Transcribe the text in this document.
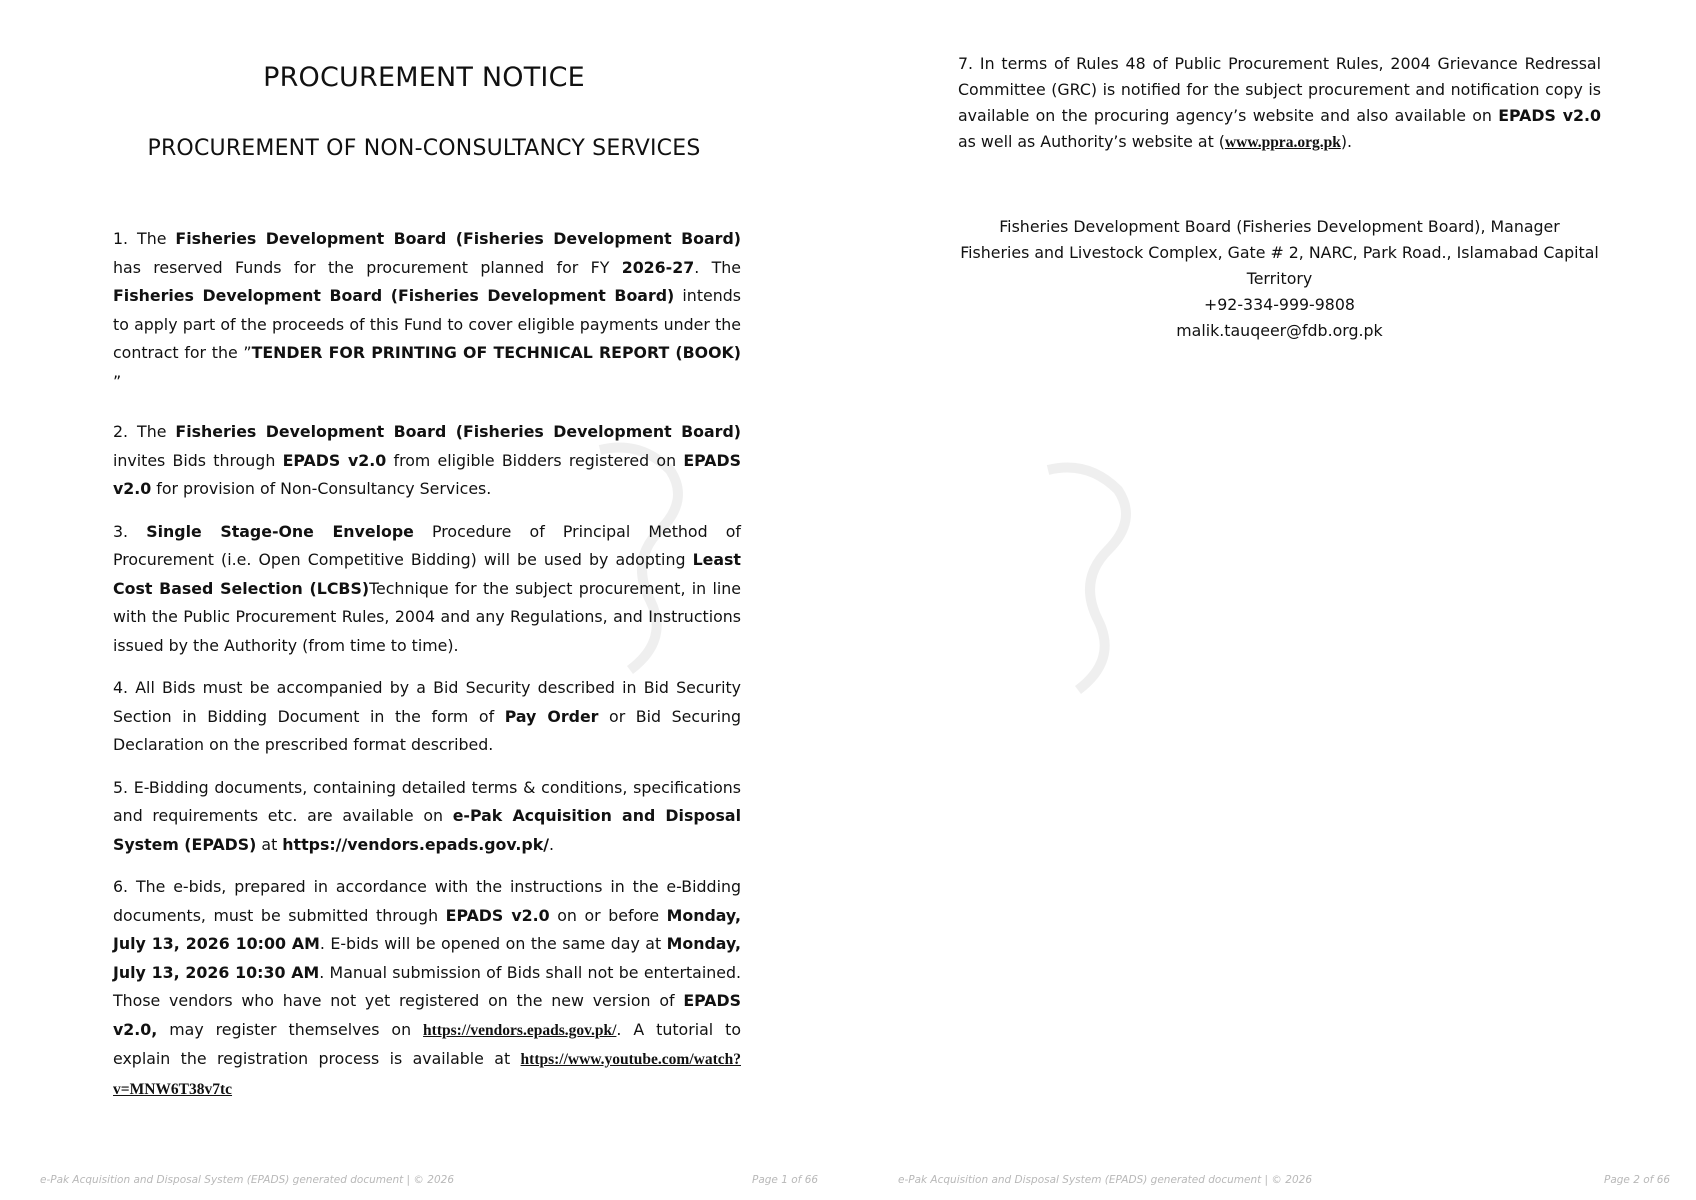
PROCUREMENT NOTICE
PROCUREMENT OF NON-CONSULTANCY SERVICES

1. The Fisheries Development Board (Fisheries Development Board) has reserved Funds for the procurement planned for FY 2026-27. The Fisheries Development Board (Fisheries Development Board) intends to apply part of the proceeds of this Fund to cover eligible payments under the contract for the ”TENDER FOR PRINTING OF TECHNICAL REPORT (BOOK) ”

2. The Fisheries Development Board (Fisheries Development Board) invites Bids through EPADS v2.0 from eligible Bidders registered on EPADS v2.0 for provision of Non-Consultancy Services.

3. Single Stage-One Envelope Procedure of Principal Method of Procurement (i.e. Open Competitive Bidding) will be used by adopting Least Cost Based Selection (LCBS)Technique for the subject procurement, in line with the Public Procurement Rules, 2004 and any Regulations, and Instructions issued by the Authority (from time to time).

4. All Bids must be accompanied by a Bid Security described in Bid Security Section in Bidding Document in the form of Pay Order or Bid Securing Declaration on the prescribed format described.

5. E-Bidding documents, containing detailed terms & conditions, specifications and requirements etc. are available on e-Pak Acquisition and Disposal System (EPADS) at https://vendors.epads.gov.pk/.

6. The e-bids, prepared in accordance with the instructions in the e-Bidding documents, must be submitted through EPADS v2.0 on or before Monday, July 13, 2026 10:00 AM. E-bids will be opened on the same day at Monday, July 13, 2026 10:30 AM. Manual submission of Bids shall not be entertained. Those vendors who have not yet registered on the new version of EPADS v2.0, may register themselves on https://vendors.epads.gov.pk/. A tutorial to explain the registration process is available at https://www.youtube.com/watch?v=MNW6T38v7tc

e-Pak Acquisition and Disposal System (EPADS) generated document | © 2026	Page 1 of 66
7. In terms of Rules 48 of Public Procurement Rules, 2004 Grievance Redressal Committee (GRC) is notified for the subject procurement and notification copy is available on the procuring agency’s website and also available on EPADS v2.0 as well as Authority’s website at (www.ppra.org.pk).
Fisheries Development Board (Fisheries Development Board), Manager
Fisheries and Livestock Complex, Gate # 2, NARC, Park Road., Islamabad Capital
Territory
+92-334-999-9808
malik.tauqeer@fdb.org.pk
e-Pak Acquisition and Disposal System (EPADS) generated document | © 2026	Page 2 of 66
